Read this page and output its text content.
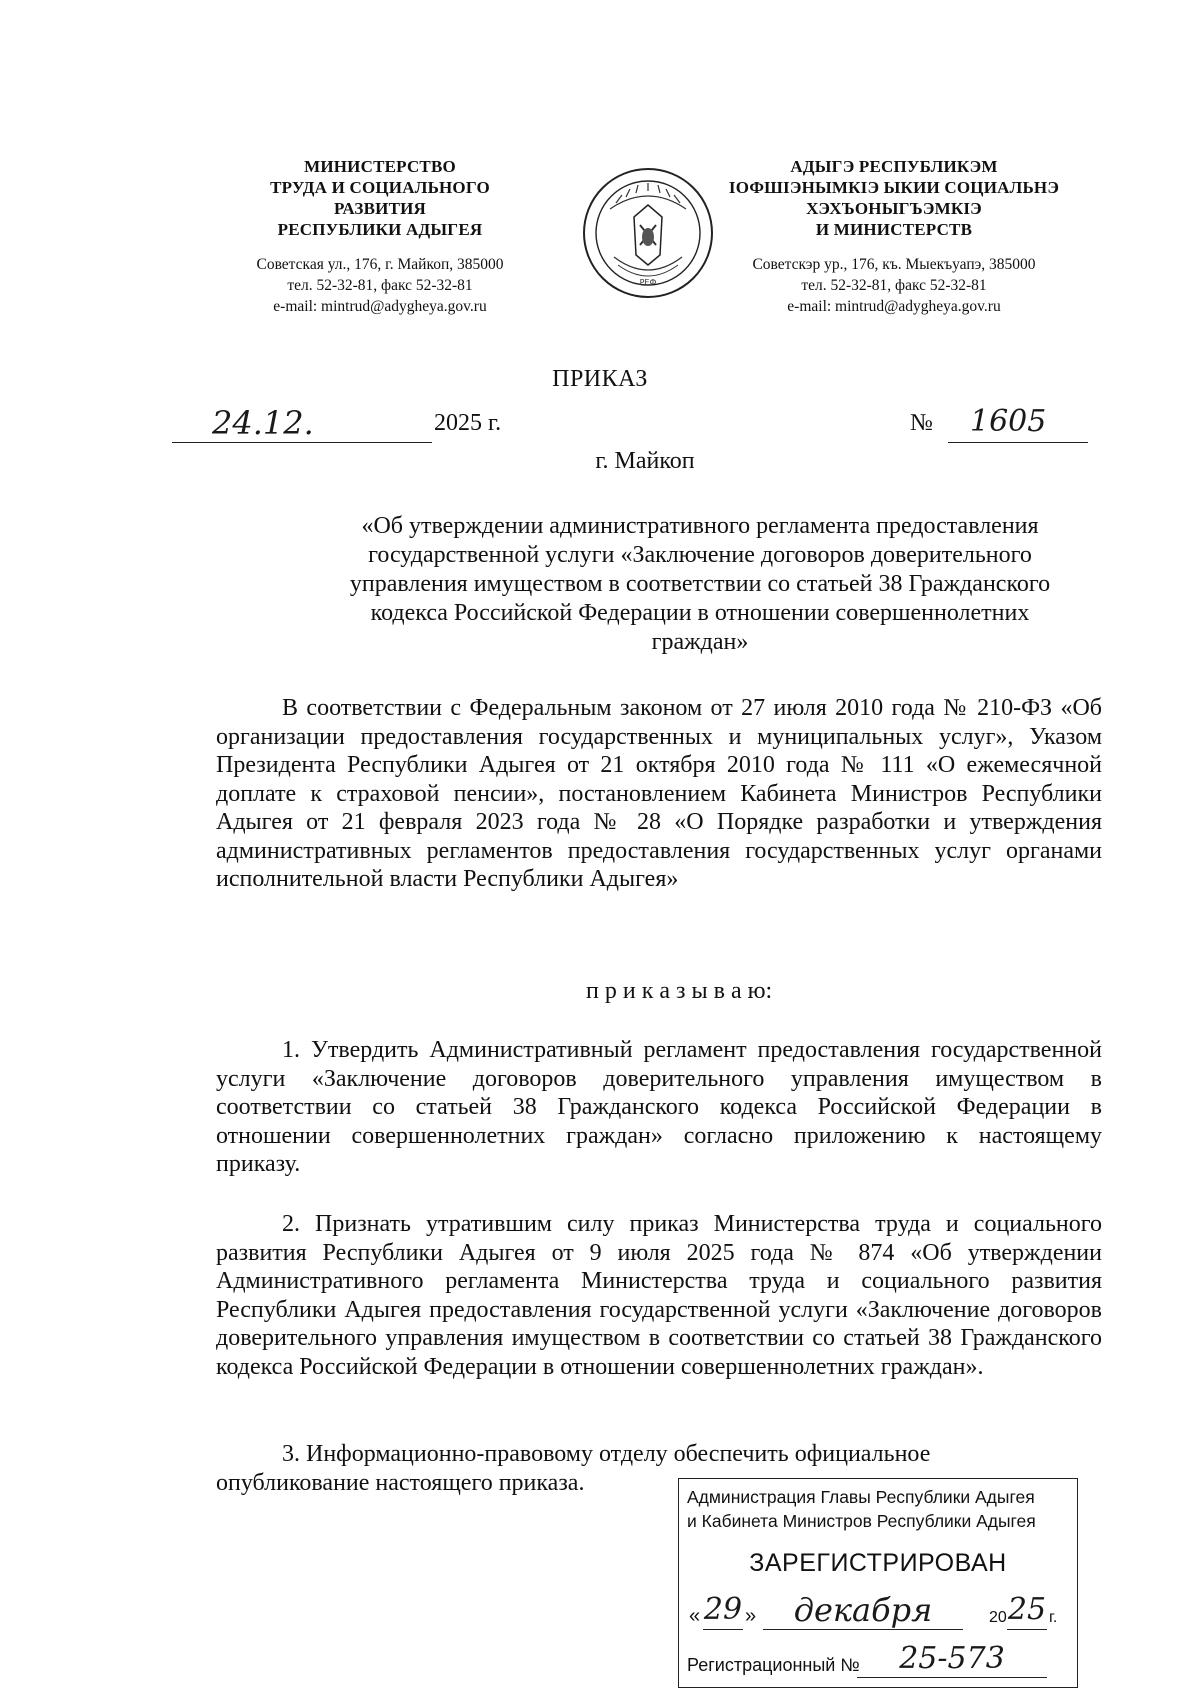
МИНИСТЕРСТВО
ТРУДА И СОЦИАЛЬНОГО
РАЗВИТИЯ
РЕСПУБЛИКИ АДЫГЕЯ
Советская ул., 176, г. Майкоп, 385000
тел. 52-32-81, факс 52-32-81
e-mail: mintrud@adygheya.gov.ru
РЕФ
АДЫГЭ РЕСПУБЛИКЭМ
IОФШIЭНЫМКIЭ ЫКИИ СОЦИАЛЬНЭ
ХЭХЪОНЫГЪЭМКIЭ
И МИНИСТЕРСТВ
Советскэр ур., 176, къ. Мыекъуапэ, 385000
тел. 52-32-81, факс 52-32-81
e-mail: mintrud@adygheya.gov.ru
ПРИКАЗ
24.12.	2025 г.	№ 1605
г. Майкоп
«Об утверждении административного регламента предоставления
государственной услуги «Заключение договоров доверительного
управления имуществом в соответствии со статьей 38 Гражданского
кодекса Российской Федерации в отношении совершеннолетних
граждан»
В соответствии с Федеральным законом от 27 июля 2010 года № 210-ФЗ «Об организации предоставления государственных и муниципальных услуг», Указом Президента Республики Адыгея от 21 октября 2010 года № 111 «О ежемесячной доплате к страховой пенсии», постановлением Кабинета Министров Республики Адыгея от 21 февраля 2023 года № 28 «О Порядке разработки и утверждения административных регламентов предоставления государственных услуг органами исполнительной власти Республики Адыгея»
п р и к а з ы в а ю:
1. Утвердить Административный регламент предоставления государственной услуги «Заключение договоров доверительного управления имуществом в соответствии со статьей 38 Гражданского кодекса Российской Федерации в отношении совершеннолетних граждан» согласно приложению к настоящему приказу.
2. Признать утратившим силу приказ Министерства труда и социального развития Республики Адыгея от 9 июля 2025 года № 874 «Об утверждении Административного регламента Министерства труда и социального развития Республики Адыгея предоставления государственной услуги «Заключение договоров доверительного управления имуществом в соответствии со статьей 38 Гражданского кодекса Российской Федерации в отношении совершеннолетних граждан».
3. Информационно-правовому отделу обеспечить официальное
опубликование настоящего приказа.
Администрация Главы Республики Адыгея
и Кабинета Министров Республики Адыгея
ЗАРЕГИСТРИРОВАН
« 29 »	декабря	20 25 г.
Регистрационный №	25-573
